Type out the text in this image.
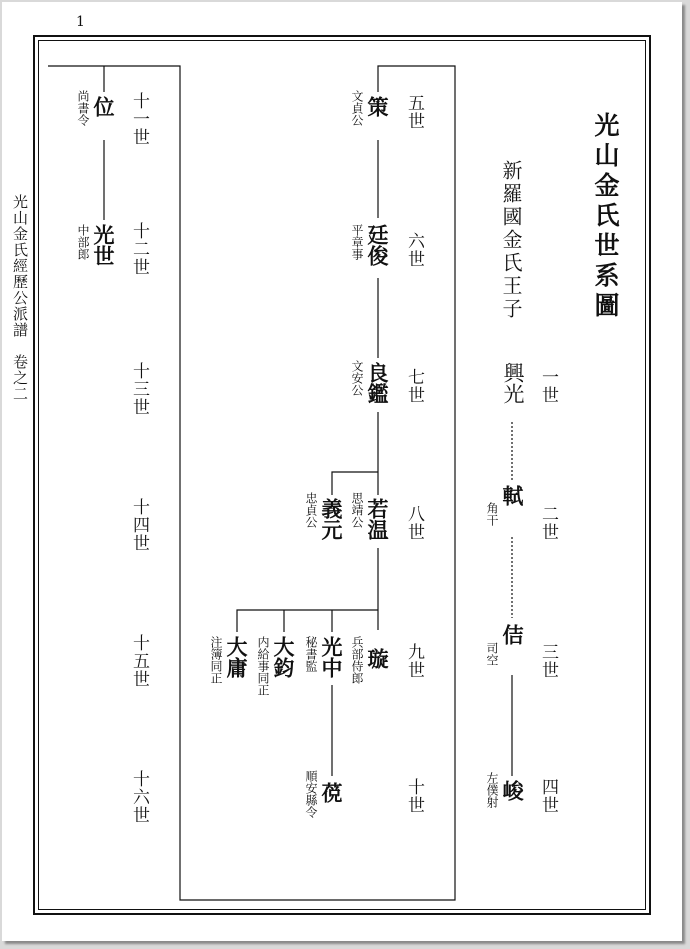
1
光山金氏世系圖
光山金氏經歷公派譜　卷之二	新羅國金氏王子
一世
二世
三世
四世
五世
六世
七世
八世
九世
十世
十一世
十二世
十三世
十四世
十五世
十六世
興光
軾
角干
佶
司空
峻
左僕射
策
文貞公
廷俊
平章事
良鑑
文安公
若温
思靖公
義元
忠貞公
璇
兵部侍郎
光中
秘書監
大鈞
内給事同正
大庸
注簿同正
䓲
順安縣令
位
尚書令
光世
中部郎
